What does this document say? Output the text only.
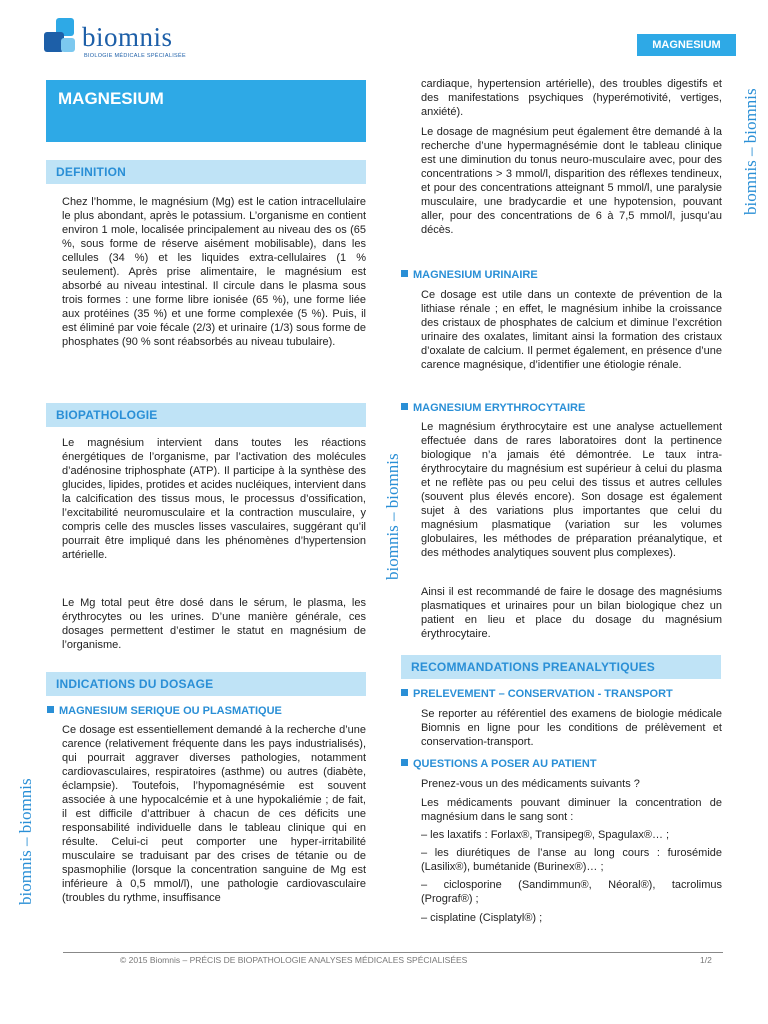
biomnis
BIOLOGIE MÉDICALE SPÉCIALISÉE
MAGNESIUM
MAGNESIUM
DEFINITION
Chez l’homme, le magnésium (Mg) est le cation intracellulaire le plus abondant, après le potassium. L’organisme en contient environ 1 mole, localisée principalement au niveau des os (65 %, sous forme de réserve aisément mobilisable), dans les cellules (34 %) et les liquides extra-cellulaires (1 % seulement). Après prise alimentaire, le magnésium est absorbé au niveau intestinal. Il circule dans le plasma sous trois formes : une forme libre ionisée (65 %), une forme liée aux protéines (35 %) et une forme complexée (5 %). Puis, il est éliminé par voie fécale (2/3) et urinaire (1/3) sous forme de phosphates (90 % sont réabsorbés au niveau tubulaire).
BIOPATHOLOGIE
Le magnésium intervient dans toutes les réactions énergétiques de l’organisme, par l’activation des molécules d’adénosine triphosphate (ATP). Il participe à la synthèse des glucides, lipides, protides et acides nucléiques, intervient dans la calcification des tissus mous, le processus d’ossification, l’excitabilité neuromusculaire et la contraction musculaire, y compris celle des muscles lisses vasculaires, suggérant qu’il pourrait être impliqué dans les phénomènes d’hypertension artérielle.
Le Mg total peut être dosé dans le sérum, le plasma, les érythrocytes ou les urines. D’une manière générale, ces dosages permettent d’estimer le statut en magnésium de l’organisme.
INDICATIONS DU DOSAGE
MAGNESIUM SERIQUE OU PLASMATIQUE
Ce dosage est essentiellement demandé à la recherche d’une carence (relativement fréquente dans les pays industrialisés), qui pourrait aggraver diverses pathologies, notamment cardiovasculaires, respiratoires (asthme) ou autres (diabète, éclampsie). Toutefois, l’hypomagnésémie est souvent associée à une hypocalcémie et à une hypokaliémie ; de fait, il est difficile d’attribuer à chacun de ces déficits une responsabilité individuelle dans le tableau clinique qui en résulte. Celui-ci peut comporter une hyper-irritabilité musculaire se traduisant par des crises de tétanie ou de spasmophilie (lorsque la concentration sanguine de Mg est inférieure à 0,5 mmol/l), une pathologie cardiovasculaire (troubles du rythme, insuffisance
cardiaque, hypertension artérielle), des troubles digestifs et des manifestations psychiques (hyperémotivité, vertiges, anxiété).
Le dosage de magnésium peut également être demandé à la recherche d’une hypermagnésémie dont le tableau clinique est une diminution du tonus neuro-musculaire avec, pour des concentrations > 3 mmol/l, disparition des réflexes tendineux, et pour des concentrations atteignant 5 mmol/l, une paralysie musculaire, une bradycardie et une hypotension, pouvant aller, pour des concentrations de 6 à 7,5 mmol/l, jusqu’au décès.
MAGNESIUM URINAIRE
Ce dosage est utile dans un contexte de prévention de la lithiase rénale ; en effet, le magnésium inhibe la croissance des cristaux de phosphates de calcium et diminue l’excrétion urinaire des oxalates, limitant ainsi la formation des cristaux d’oxalate de calcium. Il permet également, en présence d’une carence magnésique, d’identifier une étiologie rénale.
MAGNESIUM ERYTHROCYTAIRE
Le magnésium érythrocytaire est une analyse actuellement effectuée dans de rares laboratoires dont la pertinence biologique n’a jamais été démontrée. Le taux intra-érythrocytaire du magnésium est supérieur à celui du plasma et ne reflète pas ou peu celui des tissus et autres cellules (souvent plus élevés encore). Son dosage est également sujet à des variations plus importantes que celui du magnésium plasmatique (variation sur les volumes globulaires, les méthodes de préparation préanalytique, et des méthodes analytiques souvent plus complexes).
Ainsi il est recommandé de faire le dosage des magnésiums plasmatiques et urinaires pour un bilan biologique chez un patient en lieu et place du dosage du magnésium érythrocytaire.
RECOMMANDATIONS PREANALYTIQUES
PRELEVEMENT – CONSERVATION - TRANSPORT
Se reporter au référentiel des examens de biologie médicale Biomnis en ligne pour les conditions de prélèvement et conservation-transport.
QUESTIONS A POSER AU PATIENT
Prenez-vous un des médicaments suivants ?
Les médicaments pouvant diminuer la concentration de magnésium dans le sang sont :
– les laxatifs : Forlax®, Transipeg®, Spagulax®… ;
– les diurétiques de l’anse au long cours : furosémide (Lasilix®), bumétanide (Burinex®)… ;
– ciclosporine (Sandimmun®, Néoral®), tacrolimus (Prograf®) ;
– cisplatine (Cisplatyl®) ;
biomnis – biomnis
biomnis – biomnis
biomnis – biomnis
© 2015 Biomnis – PRÉCIS DE BIOPATHOLOGIE ANALYSES MÉDICALES SPÉCIALISÉES	1/2
